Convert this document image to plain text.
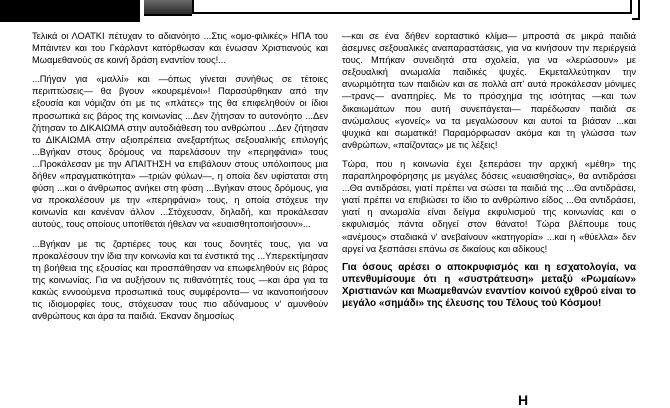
Τελικά οι ΛΟΑΤΚΙ πέτυχαν το αδιανόητο ...Στις «ομο-φιλικές» ΗΠΑ του Μπάιντεν και του Γκάρλαντ κατόρθωσαν και ένωσαν Χριστιανούς και Μωαμεθανούς σε κοινή δράση εναντίον τους!...

...Πήγαν για «μαλλί» και —όπως γίνεται συνήθως σε τέτοιες περιπτώσεις— θα βγουν «κουρεμένοι»! Παρασύρθηκαν από την εξουσία και νόμιζαν ότι με τις «πλάτες» της θα επιφεληθούν οι ίδιοι προσωπικά εις βάρος της κοινωνίας ...Δεν ζήτησαν το αυτονόητο ...Δεν ζήτησαν το ΔΙΚΑΙΩΜΑ στην αυτοδιάθεση του ανθρώπου ...Δεν ζήτησαν το ΔΙΚΑΙΩΜΑ στην αξιοπρέπεια ανεξαρτήτως σεξουαλικής επιλογής ...Βγήκαν στους δρόμους να παρελάσουν την «περηφάνια» τους ...Προκάλεσαν με την ΑΠΑΙΤΗΣΗ να επιβάλουν στους υπόλοιπους μια δήθεν «πραγματικότητα» —τριών φύλων—, η οποία δεν υφίσταται στη φύση ...και ο άνθρωπος ανήκει στη φύση ...Βγήκαν στους δρόμους, για να προκαλέσουν με την «περηφάνια» τους, η οποία στόχευε την κοινωνία και κανέναν άλλον ...Στόχευσαν, δηλαδή, και προκάλεσαν αυτούς, τους οποίους υποτίθεται ήθελαν να «ευαισθητοποιήσουν»...

...Βγήκαν με τις ζαρτιέρες τους και τους δονητές τους, για να προκαλέσουν την ίδια την κοινωνία και τα ένστικτά της ...Υπερεκτίμησαν τη βοήθεια της εξουσίας και προσπάθησαν να επωφεληθούν εις βάρος της κοινωνίας. Για να αυξήσουν τις πιθανότητές τους —και άρα για τα κακώς εννοούμενα προσωπικά τους συμφέροντα— να ικανοποιήσουν τις ιδιομορφίες τους, στόχευσαν τους πιο αδύναμους ν' αμυνθούν ανθρώπους και άρα τα παιδιά. Έκαναν δημοσίως

—και σε ένα δήθεν εορταστικό κλίμα— μπροστά σε μικρά παιδιά άσεμνες σεξουαλικές αναπαραστάσεις, για να κινήσουν την περιέργειά τους. Μπήκαν συνειδητά στα σχολεία, για να «λερώσουν» με σεξουαλική ανωμαλία παιδικές ψυχές. Εκμεταλλεύτηκαν την ανωριμότητα των παιδιών και σε πολλά απ' αυτά προκάλεσαν μόνιμες —τρανς— αναπηρίες. Με το πρόσχημα της ισότητας —και των δικαιωμάτων που αυτή συνεπάγεται— παρέδωσαν παιδιά σε ανώμαλους «γονείς» να τα μεγαλώσουν και αυτοί τα βιάσαν ...και ψυχικά και σωματικά! Παραμόρφωσαν ακόμα και τη γλώσσα των ανθρώπων, «παίζοντας» με τις λέξεις!

Τώρα, που η κοινωνία έχει ξεπεράσει την αρχική «μέθη» της παραπληροφόρησης με μεγάλες δόσεις «ευαισθησίας», θα αντιδράσει ...Θα αντιδράσει, γιατί πρέπει να σώσει τα παιδιά της ...Θα αντιδράσει, γιατί πρέπει να επιβιώσει το ίδιο το ανθρώπινο είδος ...Θα αντιδράσει, γιατί η ανωμαλία είναι δείγμα εκφυλισμού της κοινωνίας και ο εκφυλισμός πάντα οδηγεί στον θάνατο! Τώρα βλέπουμε τους «ανέμους» σταδιακά ν' ανεβαίνουν «κατηγορία» ...και η «θύελλα» δεν αργεί να ξεσπάσει επάνω σε δικαίους και αδίκους!

Για όσους αρέσει ο αποκρυφισμός και η εσχατολογία, να υπενθυμίσουμε ότι η «συστράτευση» μεταξύ «Ρωμαίων» Χριστιανών και Μωαμεθανών εναντίον κοινού εχθρού είναι το μεγάλο «σημάδι» της έλευσης του Τέλους τού Κόσμου!

Η
